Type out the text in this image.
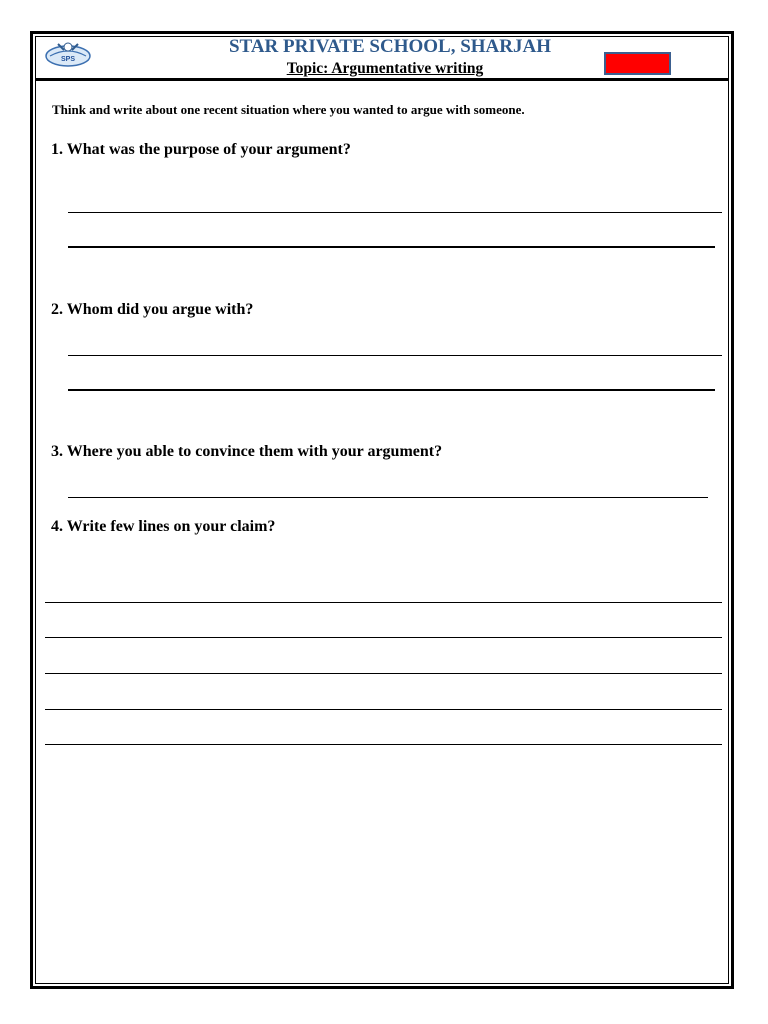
SPS
STAR PRIVATE SCHOOL, SHARJAH
Topic: Argumentative writing
Think and write about one recent situation where you wanted to argue with someone.
1. What was the purpose of your argument?
2. Whom did you argue with?
3. Where you able to convince them with your argument?
4. Write few lines on your claim?
